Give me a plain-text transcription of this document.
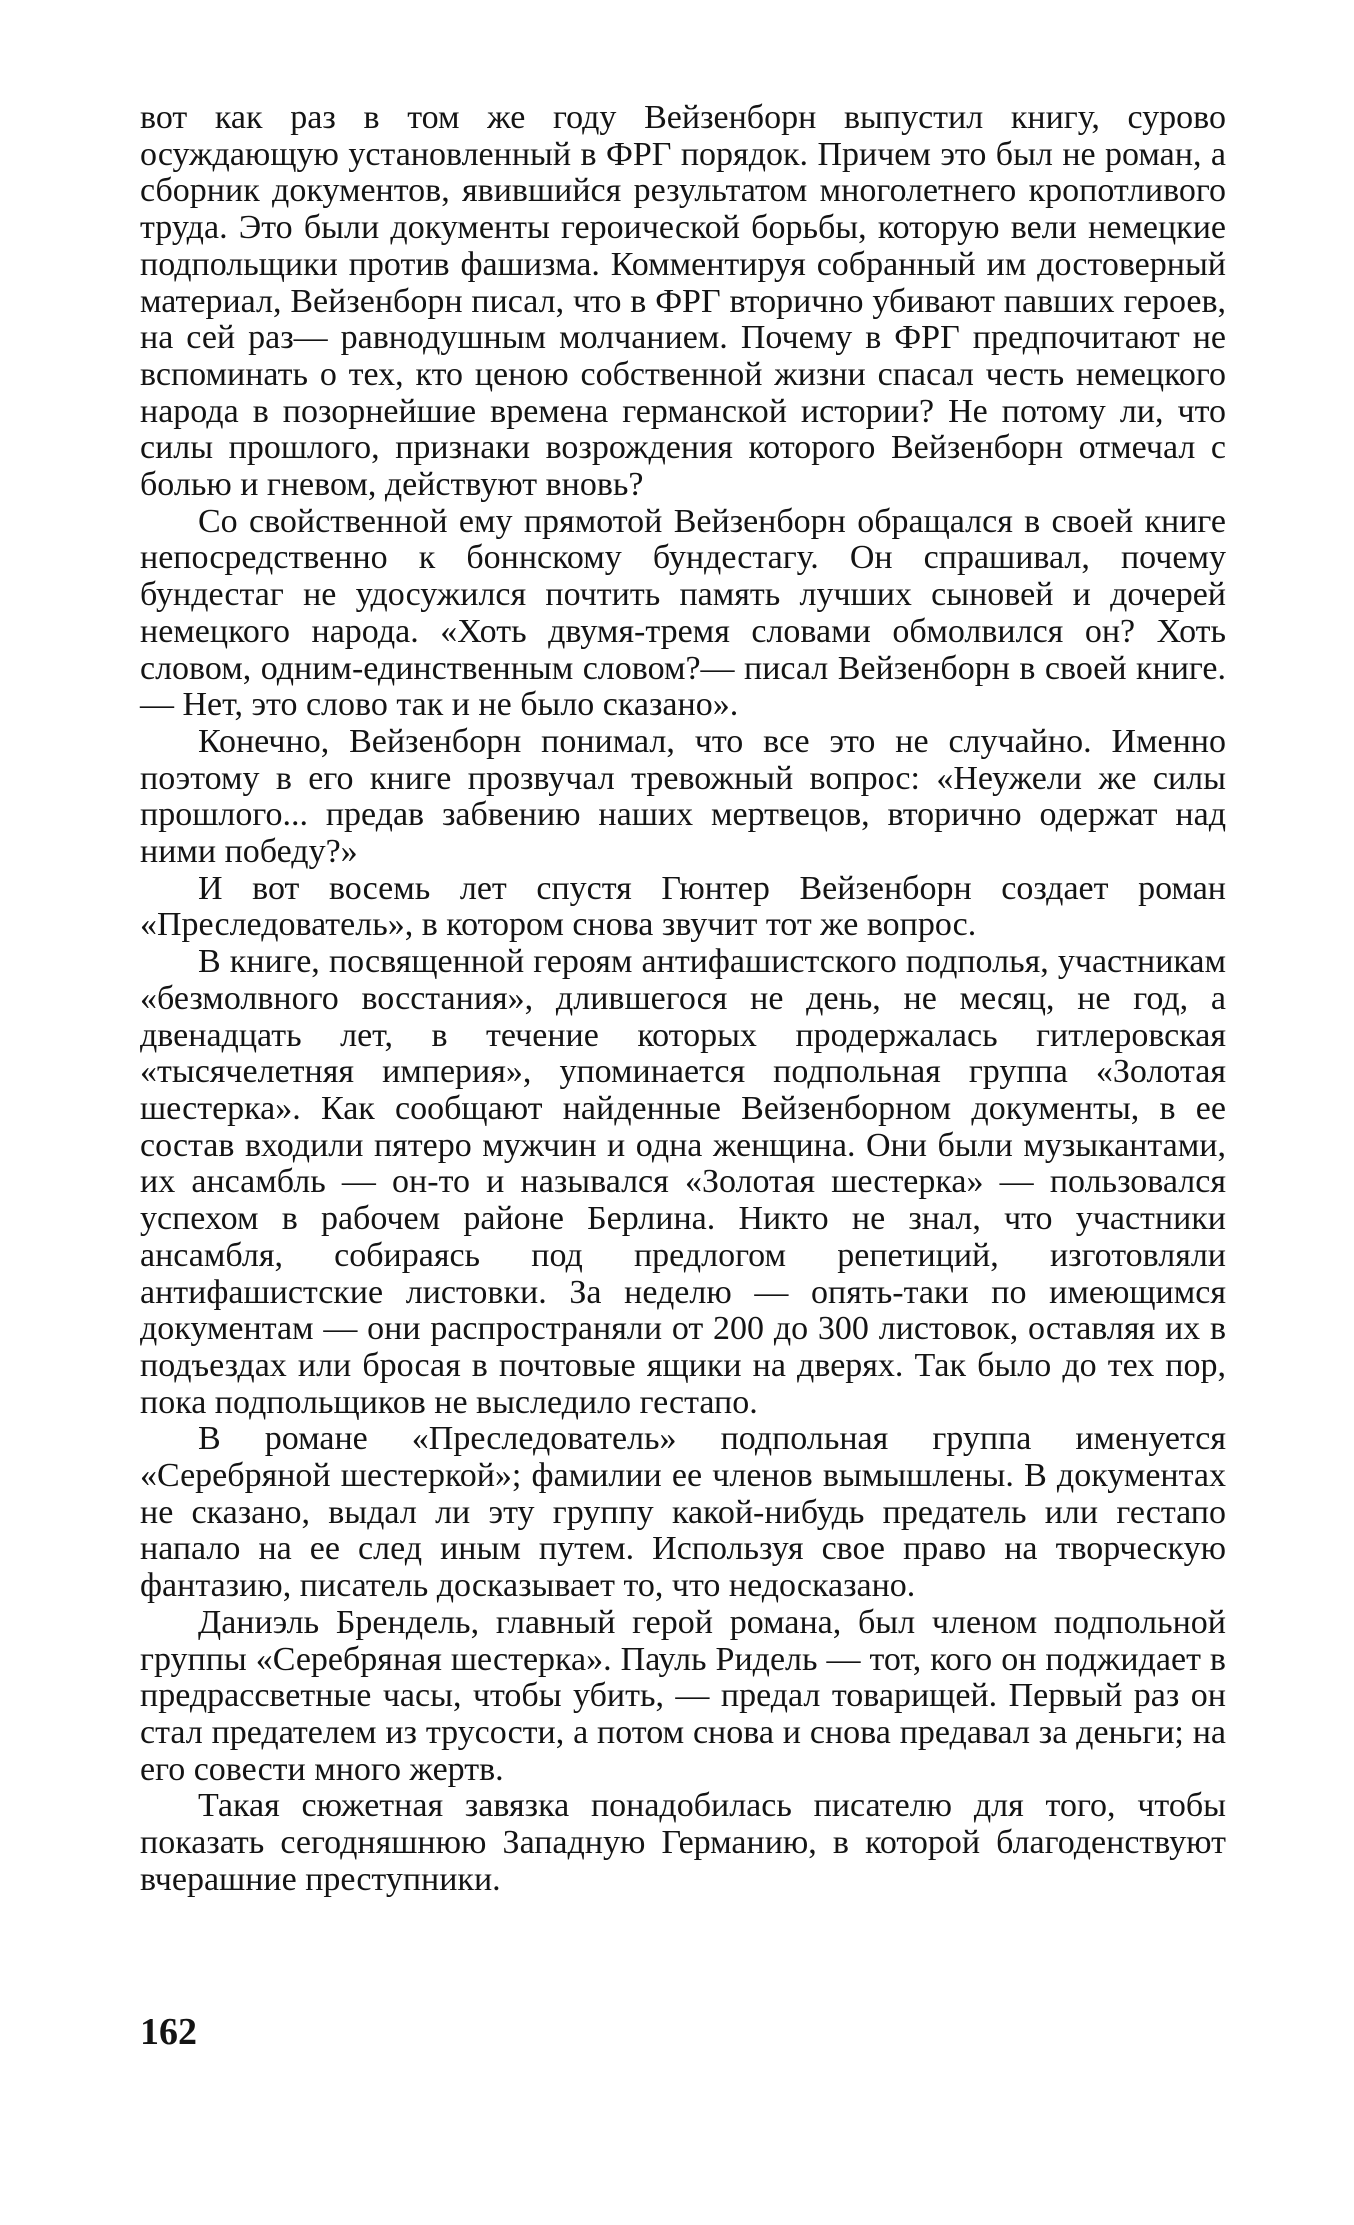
вот как раз в том же году Вейзенборн выпустил книгу, сурово осуждающую установленный в ФРГ порядок. Причем это был не роман, а сборник документов, явившийся результатом многолетнего кропотливого труда. Это были документы героической борьбы, которую вели немецкие подпольщики против фашизма. Комментируя собранный им достоверный материал, Вейзенборн писал, что в ФРГ вторично убивают павших героев, на сей раз— равнодушным молчанием. Почему в ФРГ предпочитают не вспоминать о тех, кто ценою собственной жизни спасал честь немецкого народа в позорнейшие времена германской истории? Не потому ли, что силы прошлого, признаки возрождения которого Вейзенборн отмечал с болью и гневом, действуют вновь?

Со свойственной ему прямотой Вейзенборн обращался в своей книге непосредственно к боннскому бундестагу. Он спрашивал, почему бундестаг не удосужился почтить память лучших сыновей и дочерей немецкого народа. «Хоть двумя-тремя словами обмолвился он? Хоть словом, одним-единственным словом?— писал Вейзенборн в своей книге. — Нет, это слово так и не было сказано».

Конечно, Вейзенборн понимал, что все это не случайно. Именно поэтому в его книге прозвучал тревожный вопрос: «Неужели же силы прошлого... предав забвению наших мертвецов, вторично одержат над ними победу?»

И вот восемь лет спустя Гюнтер Вейзенборн создает роман «Преследователь», в котором снова звучит тот же вопрос.

В книге, посвященной героям антифашистского подполья, участникам «безмолвного восстания», длившегося не день, не месяц, не год, а двенадцать лет, в течение которых продержалась гитлеровская «тысячелетняя империя», упоминается подпольная группа «Золотая шестерка». Как сообщают найденные Вейзенборном документы, в ее состав входили пятеро мужчин и одна женщина. Они были музыкантами, их ансамбль — он-то и назывался «Золотая шестерка» — пользовался успехом в рабочем районе Берлина. Никто не знал, что участники ансамбля, собираясь под предлогом репетиций, изготовляли антифашистские листовки. За неделю — опять-таки по имеющимся документам — они распространяли от 200 до 300 листовок, оставляя их в подъездах или бросая в почтовые ящики на дверях. Так было до тех пор, пока подпольщиков не выследило гестапо.

В романе «Преследователь» подпольная группа именуется «Серебряной шестеркой»; фамилии ее членов вымышлены. В документах не сказано, выдал ли эту группу какой-нибудь предатель или гестапо напало на ее след иным путем. Используя свое право на творческую фантазию, писатель досказывает то, что недосказано.

Даниэль Брендель, главный герой романа, был членом подпольной группы «Серебряная шестерка». Пауль Ридель — тот, кого он поджидает в предрассветные часы, чтобы убить, — предал товарищей. Первый раз он стал предателем из трусости, а потом снова и снова предавал за деньги; на его совести много жертв.

Такая сюжетная завязка понадобилась писателю для того, чтобы показать сегодняшнюю Западную Германию, в которой благоденствуют вчерашние преступники.

162
